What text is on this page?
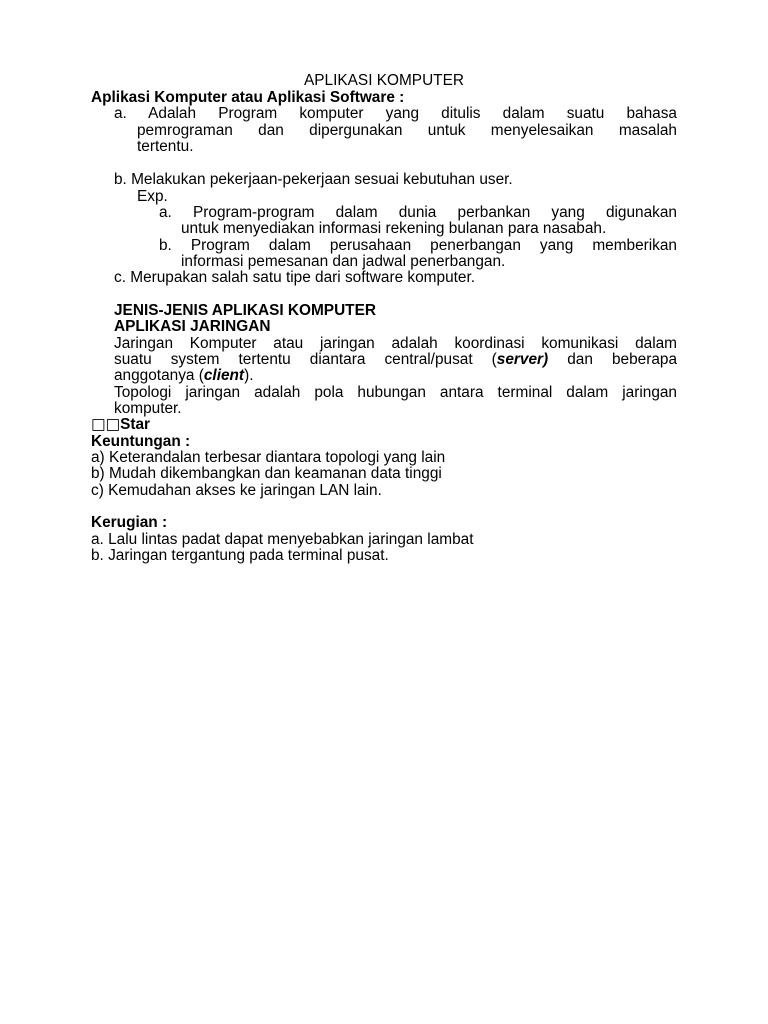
APLIKASI KOMPUTER
Aplikasi Komputer atau Aplikasi Software :
a. Adalah Program komputer yang ditulis dalam suatu bahasa
pemrograman dan dipergunakan untuk menyelesaikan masalah
tertentu.
b. Melakukan pekerjaan-pekerjaan sesuai kebutuhan user.
Exp.
a. Program-program dalam dunia perbankan yang digunakan
untuk menyediakan informasi rekening bulanan para nasabah.
b. Program dalam perusahaan penerbangan yang memberikan
informasi pemesanan dan jadwal penerbangan.
c. Merupakan salah satu tipe dari software komputer.
JENIS-JENIS APLIKASI KOMPUTER
APLIKASI JARINGAN
Jaringan Komputer atau jaringan adalah koordinasi komunikasi dalam
suatu system tertentu diantara central/pusat (server) dan beberapa
anggotanya (client).
Topologi jaringan adalah pola hubungan antara terminal dalam jaringan
komputer.
□□Star
Keuntungan :
a) Keterandalan terbesar diantara topologi yang lain
b) Mudah dikembangkan dan keamanan data tinggi
c) Kemudahan akses ke jaringan LAN lain.
Kerugian :
a. Lalu lintas padat dapat menyebabkan jaringan lambat
b. Jaringan tergantung pada terminal pusat.
